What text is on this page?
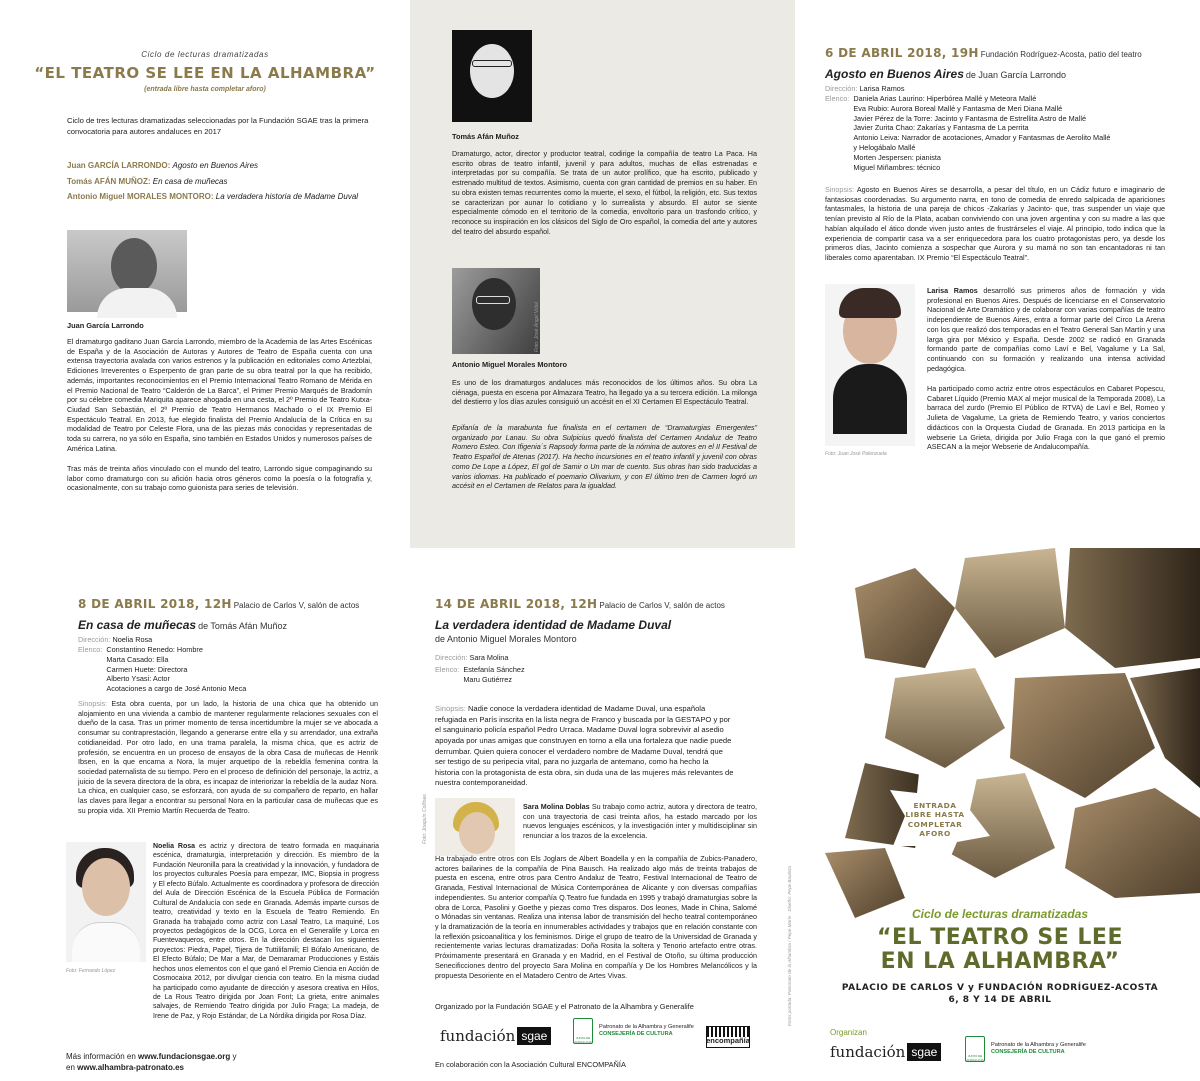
Ciclo de lecturas dramatizadas
“EL TEATRO SE LEE EN LA ALHAMBRA”
(entrada libre hasta completar aforo)

Ciclo de tres lecturas dramatizadas seleccionadas por la Fundación SGAE tras la primera convocatoria para autores andaluces en 2017

Juan GARCÍA LARRONDO: Agosto en Buenos Aires
Tomás AFÁN MUÑOZ: En casa de muñecas
Antonio Miguel MORALES MONTORO: La verdadera historia de Madame Duval
Juan García Larrondo

El dramaturgo gaditano Juan García Larrondo, miembro de la Academia de las Artes Escénicas de España y de la Asociación de Autoras y Autores de Teatro de España cuenta con una extensa trayectoria avalada con varios estrenos y la publicación en editoriales como Artezblai, Ediciones Irreverentes o Esperpento de gran parte de su obra teatral por la que ha recibido, además, importantes reconocimientos en el Premio Internacional Teatro Romano de Mérida en el Premio Nacional de Teatro “Calderón de La Barca”, el Primer Premio Marqués de Bradomín por su célebre comedia Mariquita aparece ahogada en una cesta, el 2º Premio de Teatro Kutxa-Ciudad San Sebastián, el 2º Premio de Teatro Hermanos Machado o el IX Premio El Espectáculo Teatral. En 2013, fue elegido finalista del Premio Andalucía de la Crítica en su modalidad de Teatro por Celeste Flora, una de las piezas más conocidas y representadas de toda su carrera, no ya sólo en España, sino también en Estados Unidos y numerosos países de América Latina.

Tras más de treinta años vinculado con el mundo del teatro, Larrondo sigue compaginando su labor como dramaturgo con su afición hacia otros géneros como la poesía o la fotografía y, ocasionalmente, con su trabajo como guionista para series de televisión.

Tomás Afán Muñoz

Dramaturgo, actor, director y productor teatral, codirige la compañía de teatro La Paca. Ha escrito obras de teatro infantil, juvenil y para adultos, muchas de ellas estrenadas e interpretadas por su compañía. Se trata de un autor prolífico, que ha escrito, publicado y estrenado multitud de textos. Asimismo, cuenta con gran cantidad de premios en su haber. En su obra existen temas recurrentes como la muerte, el sexo, el fútbol, la religión, etc. Sus textos se caracterizan por aunar lo cotidiano y lo surrealista y absurdo. El autor se siente especialmente cómodo en el territorio de la comedia, envoltorio para un trasfondo crítico, y reconoce su inspiración en los clásicos del Siglo de Oro español, la comedia del arte y autores del teatro del absurdo español.

Foto: José Ángel Vidal
Antonio Miguel Morales Montoro

Es uno de los dramaturgos andaluces más reconocidos de los últimos años. Su obra La ciénaga, puesta en escena por Almazara Teatro, ha llegado ya a su tercera edición. La milonga del destierro y los días azules consiguió un accésit en el XI Certamen El Espectáculo Teatral.

Epifanía de la marabunta fue finalista en el certamen de “Dramaturgias Emergentes” organizado por Lanau. Su obra Sulpicius quedó finalista del Certamen Andaluz de Teatro Romero Esteo. Con Ifigenia´s Rapsody forma parte de la nómina de autores en el II Festival de Teatro Español de Atenas (2017). Ha hecho incursiones en el teatro infantil y juvenil con obras como De Lope a López, El gol de Samir o Un mar de cuento. Sus obras han sido traducidas a varios idiomas. Ha publicado el poemario Olivarium, y con El último tren de Carmen logró un accésit en el Certamen de Relatos para la igualdad.

6 DE ABRIL 2018, 19H Fundación Rodríguez-Acosta, patio del teatro
Agosto en Buenos Aires de Juan García Larrondo
Dirección: Larisa Ramos
Elenco: Daniela Arias Laurino: Hiperbórea Mallé y Meteora Mallé
Eva Rubio: Aurora Boreal Mallé y Fantasma de Meri Diana Mallé
Javier Pérez de la Torre: Jacinto y Fantasma de Estrellita Astro de Mallé
Javier Zurita Chao: Zakarías y Fantasma de La perrita
Antonio Leiva: Narrador de acotaciones, Amador y Fantasmas de Aerolito Mallé
y Helogábalo Mallé
Morten Jespersen: pianista
Miguel Miñambres: técnico

Sinopsis: Agosto en Buenos Aires se desarrolla, a pesar del título, en un Cádiz futuro e imaginario de fantasiosas coordenadas. Su argumento narra, en tono de comedia de enredo salpicada de apariciones fantasmales, la historia de una pareja de chicos -Zakarías y Jacinto- que, tras suspender un viaje que tenían previsto al Río de la Plata, acaban conviviendo con una joven argentina y con su madre a las que habían alquilado el ático donde viven justo antes de frustrárseles el viaje. Al principio, todo indica que la experiencia de compartir casa va a ser enriquecedora para los cuatro protagonistas pero, ya desde los primeros días, Jacinto comienza a sospechar que Aurora y su mamá no son tan encantadoras ni tan liberales como aparentaban. IX Premio “El Espectáculo Teatral”.

Foto: Juan José Palenzuela

Larisa Ramos desarrolló sus primeros años de formación y vida profesional en Buenos Aires. Después de licenciarse en el Conservatorio Nacional de Arte Dramático y de colaborar con varias compañías de teatro independiente de Buenos Aires, entra a formar parte del Circo La Arena con los que realizó dos temporadas en el Teatro General San Martín y una larga gira por México y España. Desde 2002 se radicó en Granada formando parte de compañías como Laví e Bel, Vagalume y La Sal, continuando con su formación y realizando una intensa actividad pedagógica.

Ha participado como actriz entre otros espectáculos en Cabaret Popescu, Cabaret Líquido (Premio MAX al mejor musical de la Temporada 2008), La barraca del zurdo (Premio El Público de RTVA) de Laví e Bel, Romeo y Julieta de Vagalume, La grieta de Remiendo Teatro, y varios conciertos didácticos con la Orquesta Ciudad de Granada. En 2013 participa en la webserie La Grieta, dirigida por Julio Fraga con la que ganó el premio ASECAN a la mejor Webserie de Andalucompañía.

8 DE ABRIL 2018, 12H Palacio de Carlos V, salón de actos
En casa de muñecas de Tomás Afán Muñoz
Dirección: Noelia Rosa
Elenco: Constantino Renedo: Hombre
Marta Casado: Ella
Carmen Huete: Directora
Alberto Ysasi: Actor
Acotaciones a cargo de José Antonio Meca

Sinopsis: Esta obra cuenta, por un lado, la historia de una chica que ha obtenido un alojamiento en una vivienda a cambio de mantener regularmente relaciones sexuales con el dueño de la casa. Tras un primer momento de tensa incertidumbre la mujer se ve abocada a consumar su contraprestación, llegando a generarse entre ella y su arrendador, una extraña cotidianeidad. Por otro lado, en una trama paralela, la misma chica, que es actriz de profesión, se encuentra en un proceso de ensayos de la obra Casa de muñecas de Henrik Ibsen, en la que encarna a Nora, la mujer arquetipo de la rebeldía femenina contra la sociedad paternalista de su tiempo. Pero en el proceso de definición del personaje, la actriz, a juicio de la severa directora de la obra, es incapaz de interiorizar la rebeldía de la audaz Nora. La chica, en cualquier caso, se esforzará, con ayuda de su compañero de reparto, en hallar las claves para llegar a encontrar su personal Nora en la particular casa de muñecas que es su propia vida. XII Premio Martín Recuerda de Teatro.

Foto: Fernando López

Noelia Rosa es actriz y directora de teatro formada en maquinaria escénica, dramaturgia, interpretación y dirección. Es miembro de la Fundación Neuronilla para la creatividad y la innovación, y fundadora de los proyectos culturales Poesía para empezar, IMC, Biopsia in progress y El efecto Búfalo. Actualmente es coordinadora y profesora de dirección del Aula de Dirección Escénica de la Escuela Pública de Formación Cultural de Andalucía con sede en Granada. Además imparte cursos de teatro, creatividad y texto en la Escuela de Teatro Remiendo. En Granada ha trabajado como actriz con Lasal Teatro, La maquiné, Los proyectos pedagógicos de la OCG, Lorca en el Generalife y Lorca en Fuentevaqueros, entre otros. En la dirección destacan los siguientes proyectos: Piedra, Papel, Tijera de Tuttilifamili; El Búfalo Americano, de El Efecto Búfalo; De Mar a Mar, de Demaramar Producciones y Estáis hechos unos elementos con el que ganó el Premio Ciencia en Acción de Cosmocaixa 2012, por divulgar ciencia con teatro. En la misma ciudad ha participado como ayudante de dirección y asesora creativa en Hilos, de La Rous Teatro dirigida por Joan Font; La grieta, entre animales salvajes, de Remiendo Teatro dirigida por Julio Fraga; La madeja, de Irene de Paz, y Rojo Estándar, de La Nórdika dirigida por Rosa Díaz.

Más información en www.fundacionsgae.org y
en www.alhambra-patronato.es
14 DE ABRIL 2018, 12H Palacio de Carlos V, salón de actos
La verdadera identidad de Madame Duval
de Antonio Miguel Morales Montoro
Dirección: Sara Molina
Elenco: Estefanía Sánchez
Maru Gutiérrez

Sinopsis: Nadie conoce la verdadera identidad de Madame Duval, una española refugiada en París inscrita en la lista negra de Franco y buscada por la GESTAPO y por el sanguinario policía español Pedro Urraca. Madame Duval logra sobrevivir al asedio apoyada por unas amigas que construyen en torno a ella una fortaleza que nadie puede derrumbar. Quien quiera conocer el verdadero nombre de Madame Duval, tendrá que ser testigo de su peripecia vital, para no juzgarla de antemano, como ha hecho la historia con la protagonista de esta obra, sin duda una de las mujeres más relevantes de nuestra contemporaneidad.

Foto: Joaquín Collinas	Sara Molina Doblas Su trabajo como actriz, autora y directora de teatro, con una trayectoria de casi treinta años, ha estado marcado por los nuevos lenguajes escénicos, y la investigación inter y multidisciplinar sin renunciar a los trazos de la excelencia.

Ha trabajado entre otros con Els Joglars de Albert Boadella y en la compañía de Zubics-Panadero, actores bailarines de la compañía de Pina Bausch. Ha realizado algo más de treinta trabajos de puesta en escena, entre otros para Centro Andaluz de Teatro, Festival Internacional de Teatro de Granada, Festival Internacional de Música Contemporánea de Alicante y con diversas compañías independientes. Su anterior compañía Q.Teatro fue fundada en 1995 y trabajó dramaturgias sobre la obra de Lorca, Pasolini y Goethe y piezas como Tres disparos. Dos leones, Made in China, Salomé o Mónadas sin ventanas. Realiza una intensa labor de transmisión del hecho teatral contemporáneo y la dramatización de la teoría en innumerables actividades y trabajos que en relación constante con la reflexión psicoanalítica y los feminismos. Dirige el grupo de teatro de la Universidad de Granada y recientemente varias lecturas dramatizadas: Doña Rosita la soltera y Tenorio artefacto entre otras. Próximamente presentará en Granada y en Madrid, en el Festival de Otoño, su última producción Senecificciones dentro del proyecto Sara Molina en compañía y De los Hombres Melancólicos y la propuesta Desoriente en el Matadero Centro de Artes Vivas.

Organizado por la Fundación SGAE y el Patronato de la Alhambra y Generalife
fundación sgae	JUNTA DE ANDALUCIA
Patronato de la Alhambra y Generalife
CONSEJERÍA DE CULTURA
encompañía
En colaboración con la Asociación Cultural ENCOMPAÑÍA
ENTRADA
LIBRE HASTA
COMPLETAR
AFORO
Fotos portada: Patronato de la Alhambra / Pepe Marín · Diseño: Pepe Bautista	Ciclo de lecturas dramatizadas
“EL TEATRO SE LEE
EN LA ALHAMBRA”
PALACIO DE CARLOS V y FUNDACIÓN RODRÍGUEZ-ACOSTA
6, 8 Y 14 DE ABRIL
Organizan
fundación sgae	JUNTA DE ANDALUCIA
Patronato de la Alhambra y Generalife
CONSEJERÍA DE CULTURA
